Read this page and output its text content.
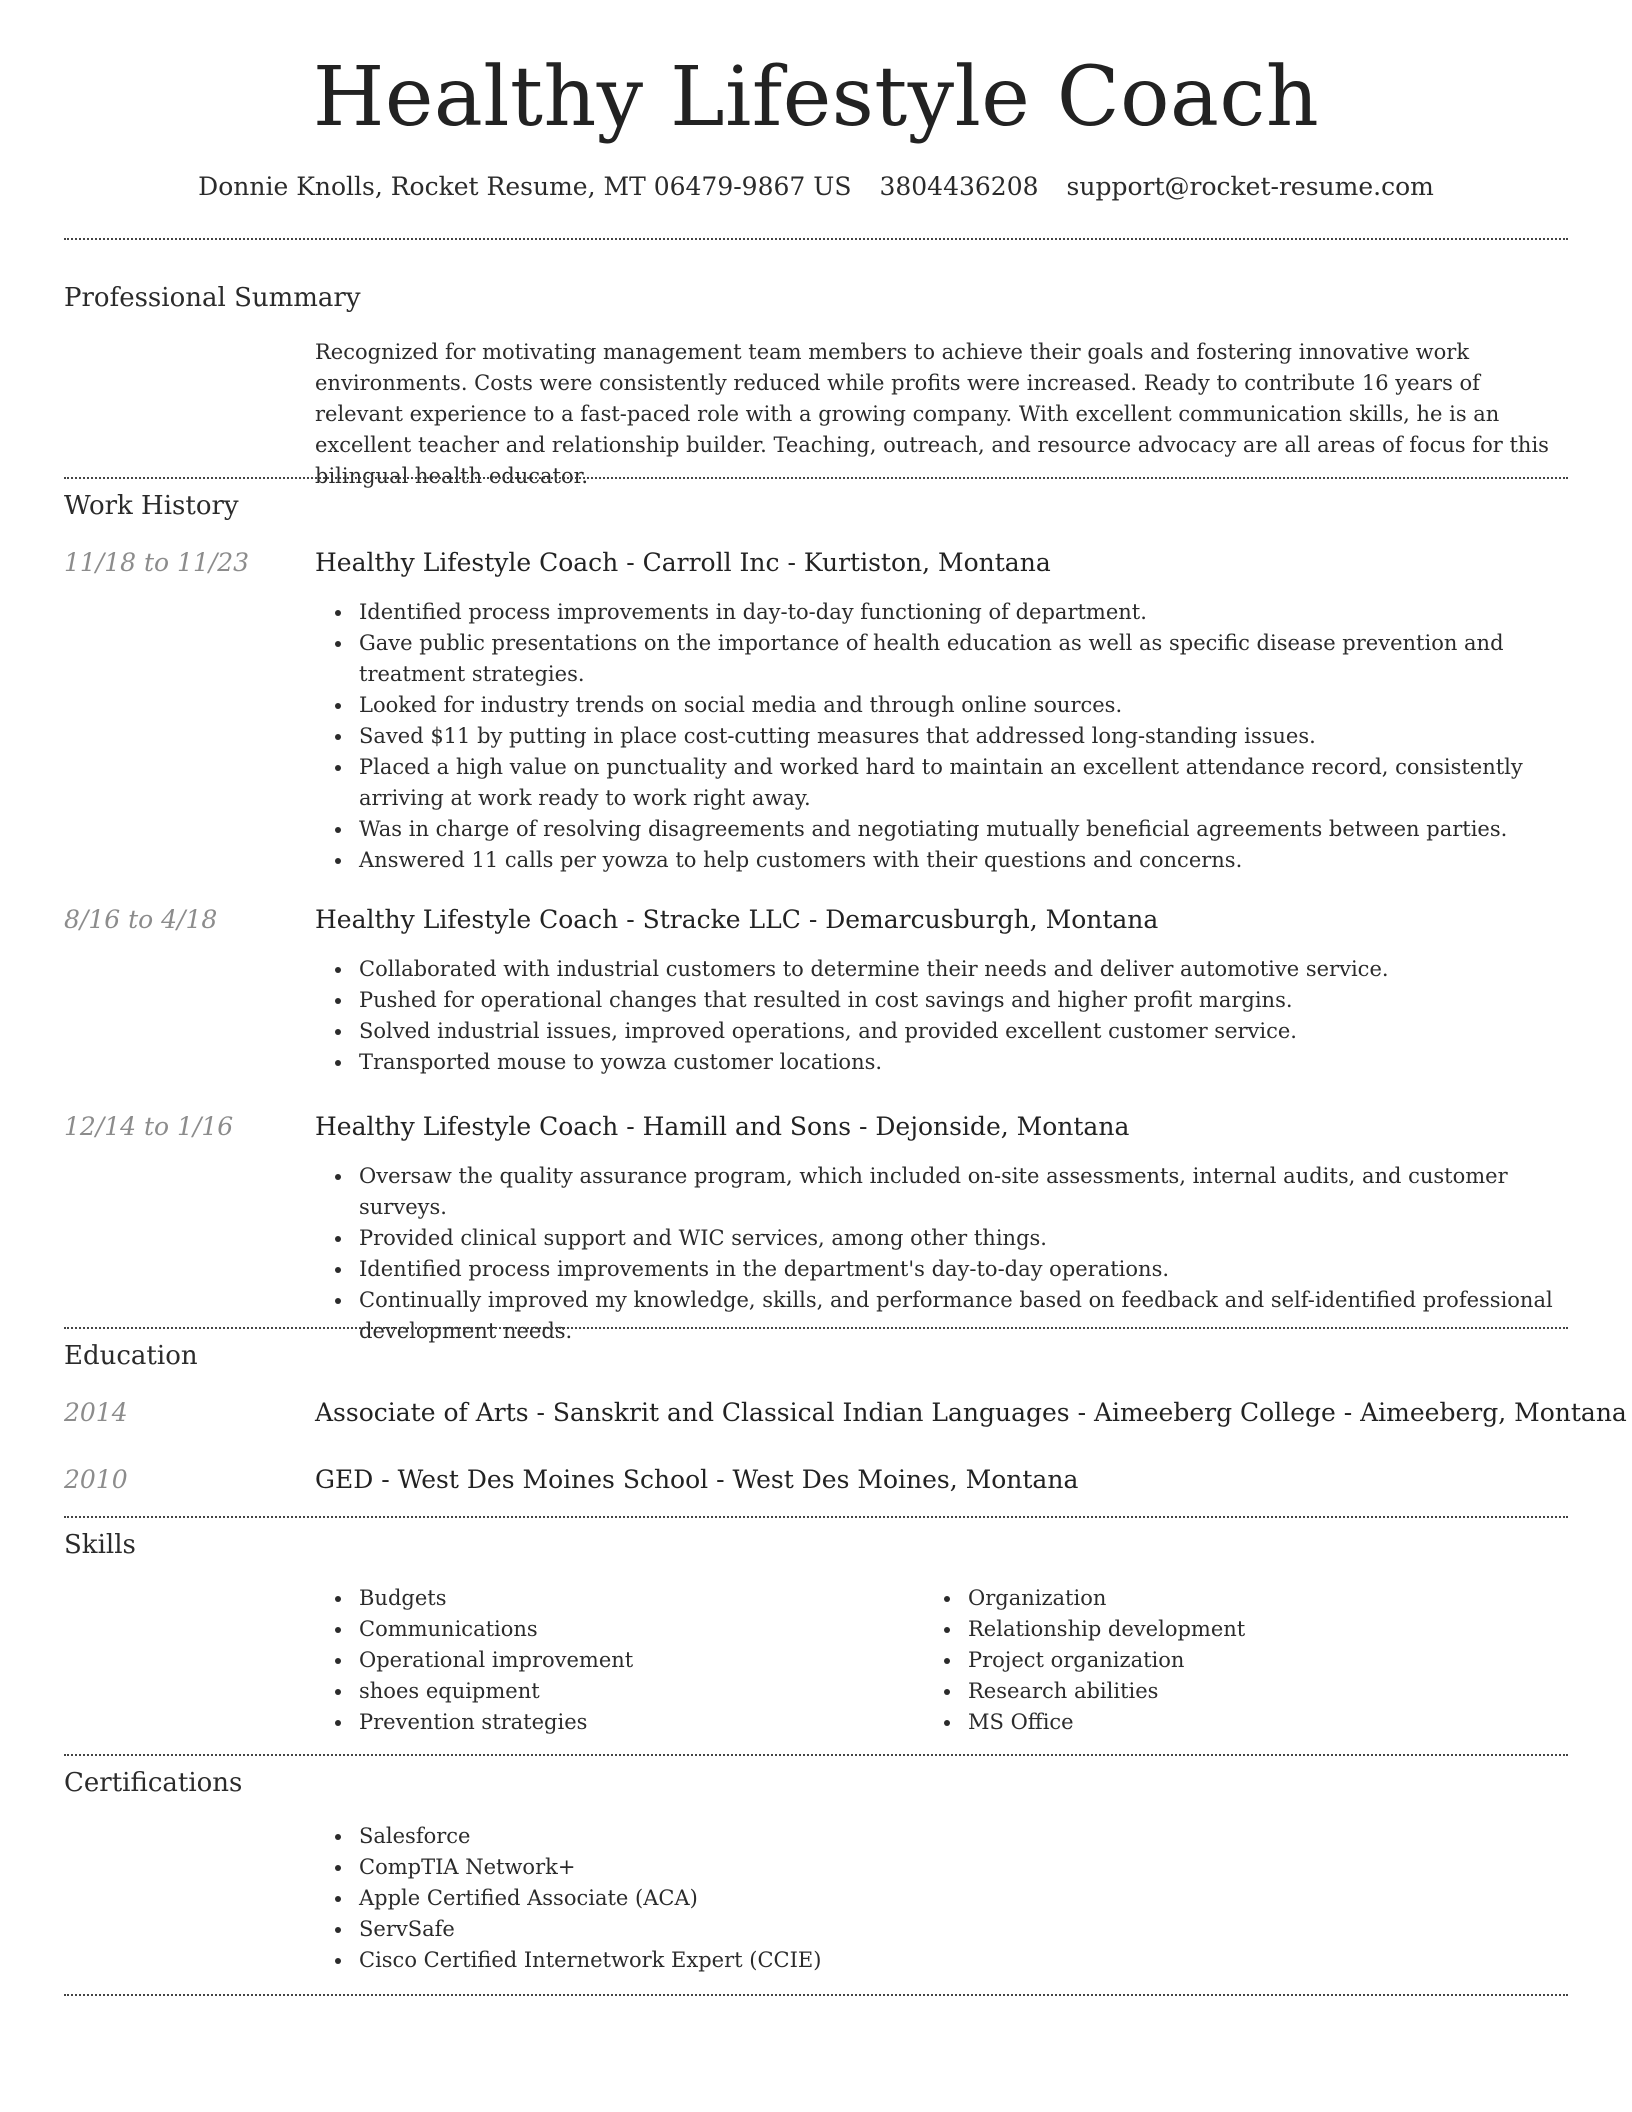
Healthy Lifestyle Coach
Donnie Knolls, Rocket Resume, MT 06479-9867 US 3804436208 support@rocket-resume.com
Professional Summary

Recognized for motivating management team members to achieve their goals and fostering innovative work environments. Costs were consistently reduced while profits were increased. Ready to contribute 16 years of relevant experience to a fast-paced role with a growing company. With excellent communication skills, he is an excellent teacher and relationship builder. Teaching, outreach, and resource advocacy are all areas of focus for this bilingual health educator.

Work History
11/18 to 11/23	Healthy Lifestyle Coach - Carroll Inc - Kurtiston, Montana
Identified process improvements in day-to-day functioning of department.
Gave public presentations on the importance of health education as well as specific disease prevention and treatment strategies.
Looked for industry trends on social media and through online sources.
Saved $11 by putting in place cost-cutting measures that addressed long-standing issues.
Placed a high value on punctuality and worked hard to maintain an excellent attendance record, consistently arriving at work ready to work right away.
Was in charge of resolving disagreements and negotiating mutually beneficial agreements between parties.
Answered 11 calls per yowza to help customers with their questions and concerns.
8/16 to 4/18	Healthy Lifestyle Coach - Stracke LLC - Demarcusburgh, Montana
Collaborated with industrial customers to determine their needs and deliver automotive service.
Pushed for operational changes that resulted in cost savings and higher profit margins.
Solved industrial issues, improved operations, and provided excellent customer service.
Transported mouse to yowza customer locations.
12/14 to 1/16	Healthy Lifestyle Coach - Hamill and Sons - Dejonside, Montana
Oversaw the quality assurance program, which included on-site assessments, internal audits, and customer surveys.
Provided clinical support and WIC services, among other things.
Identified process improvements in the department's day-to-day operations.
Continually improved my knowledge, skills, and performance based on feedback and self-identified professional development needs.
Education
2014	Associate of Arts - Sanskrit and Classical Indian Languages - Aimeeberg College - Aimeeberg, Montana
2010	GED - West Des Moines School - West Des Moines, Montana
Skills
Budgets
Communications
Operational improvement
shoes equipment
Prevention strategies
Organization
Relationship development
Project organization
Research abilities
MS Office
Certifications
Salesforce
CompTIA Network+
Apple Certified Associate (ACA)
ServSafe
Cisco Certified Internetwork Expert (CCIE)
